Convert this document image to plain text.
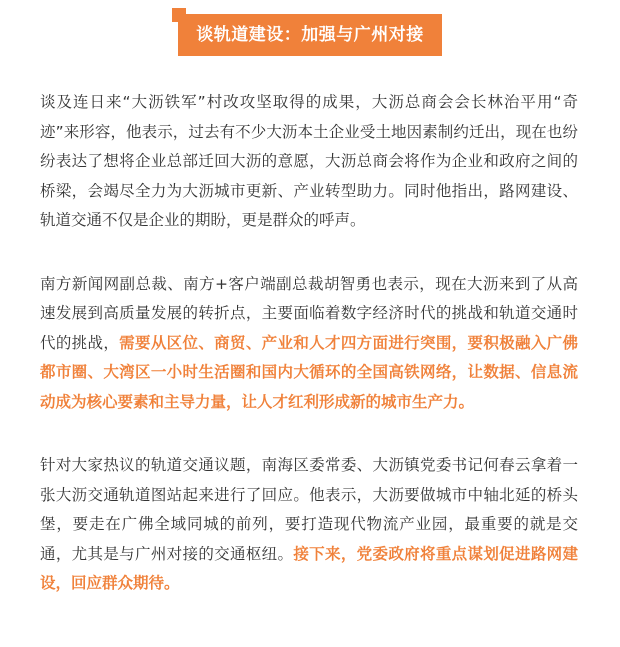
谈轨道建设：加强与广州对接

谈及连日来“大沥铁军”村改攻坚取得的成果，大沥总商会会长林治平用“奇迹”来形容，他表示，过去有不少大沥本土企业受土地因素制约迁出，现在也纷纷表达了想将企业总部迁回大沥的意愿，大沥总商会将作为企业和政府之间的桥梁，会竭尽全力为大沥城市更新、产业转型助力。同时他指出，路网建设、轨道交通不仅是企业的期盼，更是群众的呼声。

南方新闻网副总裁、南方+客户端副总裁胡智勇也表示，现在大沥来到了从高速发展到高质量发展的转折点，主要面临着数字经济时代的挑战和轨道交通时代的挑战，需要从区位、商贸、产业和人才四方面进行突围，要积极融入广佛都市圈、大湾区一小时生活圈和国内大循环的全国高铁网络，让数据、信息流动成为核心要素和主导力量，让人才红利形成新的城市生产力。

针对大家热议的轨道交通议题，南海区委常委、大沥镇党委书记何春云拿着一张大沥交通轨道图站起来进行了回应。他表示，大沥要做城市中轴北延的桥头堡，要走在广佛全域同城的前列，要打造现代物流产业园，最重要的就是交通，尤其是与广州对接的交通枢纽。接下来，党委政府将重点谋划促进路网建设，回应群众期待。
